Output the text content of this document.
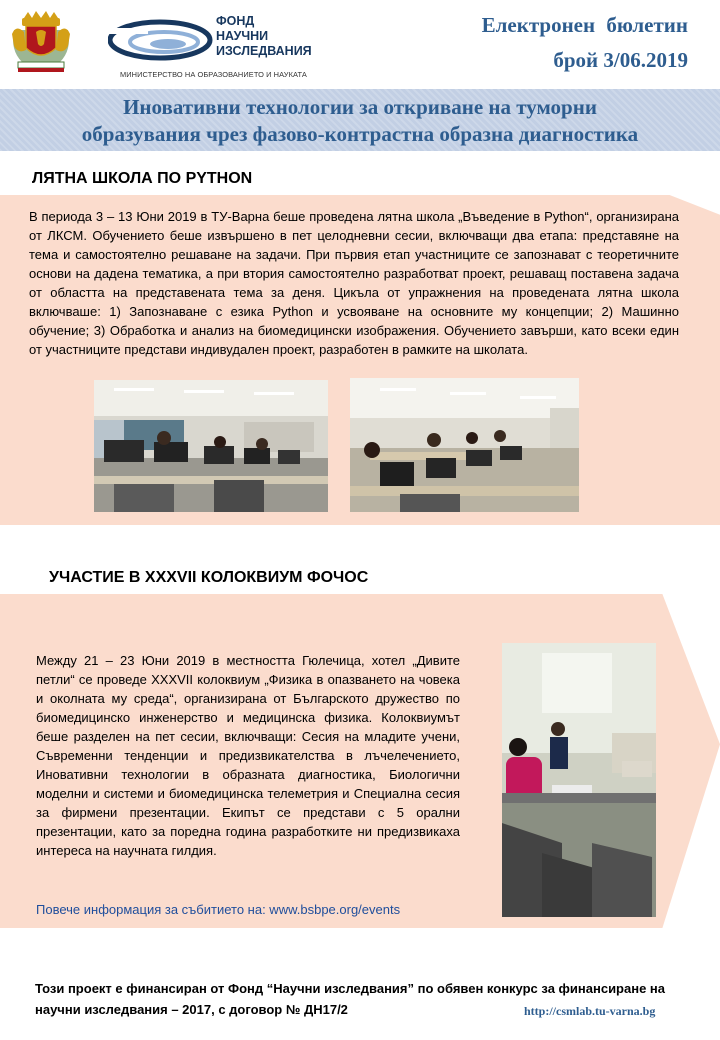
ФОНД
НАУЧНИ
ИЗСЛЕДВАНИЯ
МИНИСТЕРСТВО НА ОБРАЗОВАНИЕТО И НАУКАТА
Електронен бюлетин
брой 3/06.2019
Иновативни технологии за откриване на туморни
образувания чрез фазово-контрастна образна диагностика
ЛЯТНА ШКОЛА ПО PYTHON
В периода 3 – 13 Юни 2019 в ТУ-Варна беше проведена лятна школа „Въведение в Python“, организирана от ЛКСМ. Обучението беше извършено в пет целодневни сесии, включващи два етапа: представяне на тема и самостоятелно решаване на задачи. При първия етап участниците се запознават с теоретичните основи на дадена тематика, а при втория самостоятелно разработват проект, решаващ поставена задача от областта на представената тема за деня. Цикъла от упражнения на проведената лятна школа включваше: 1) Запознаване с езика Python и усвояване на основните му концепции; 2) Машинно обучение; 3) Обработка и анализ на биомедицински изображения. Обучението завърши, като всеки един от участниците представи индивудален проект, разработен в рамките на школата.
УЧАСТИЕ В XXXVII КОЛОКВИУМ ФОЧОС
Между 21 – 23 Юни 2019 в местността Гюлечица, хотел „Дивите петли“ се проведе XXXVII колоквиум „Физика в опазването на човека и околната му среда“, организирана от Българското дружество по биомедицинско инженерство и медицинска физика. Колоквиумът беше разделен на пет сесии, включващи: Сесия на младите учени, Съвременни тенденции и предизвикателства в лъчелечението, Иновативни технологии в образната диагностика, Биологични моделни и системи и биомедицинска телеметрия и Специална сесия за фирмени презентации. Екипът се представи с 5 орални презентации, като за поредна година разработките ни предизвикаха интереса на научната гилдия.
Повече информация за събитието на: www.bsbpe.org/events
Този проект е финансиран от Фонд “Научни изследвания” по обявен конкурс за финансиране на научни изследвания – 2017, с договор № ДН17/2	http://csmlab.tu-varna.bg
